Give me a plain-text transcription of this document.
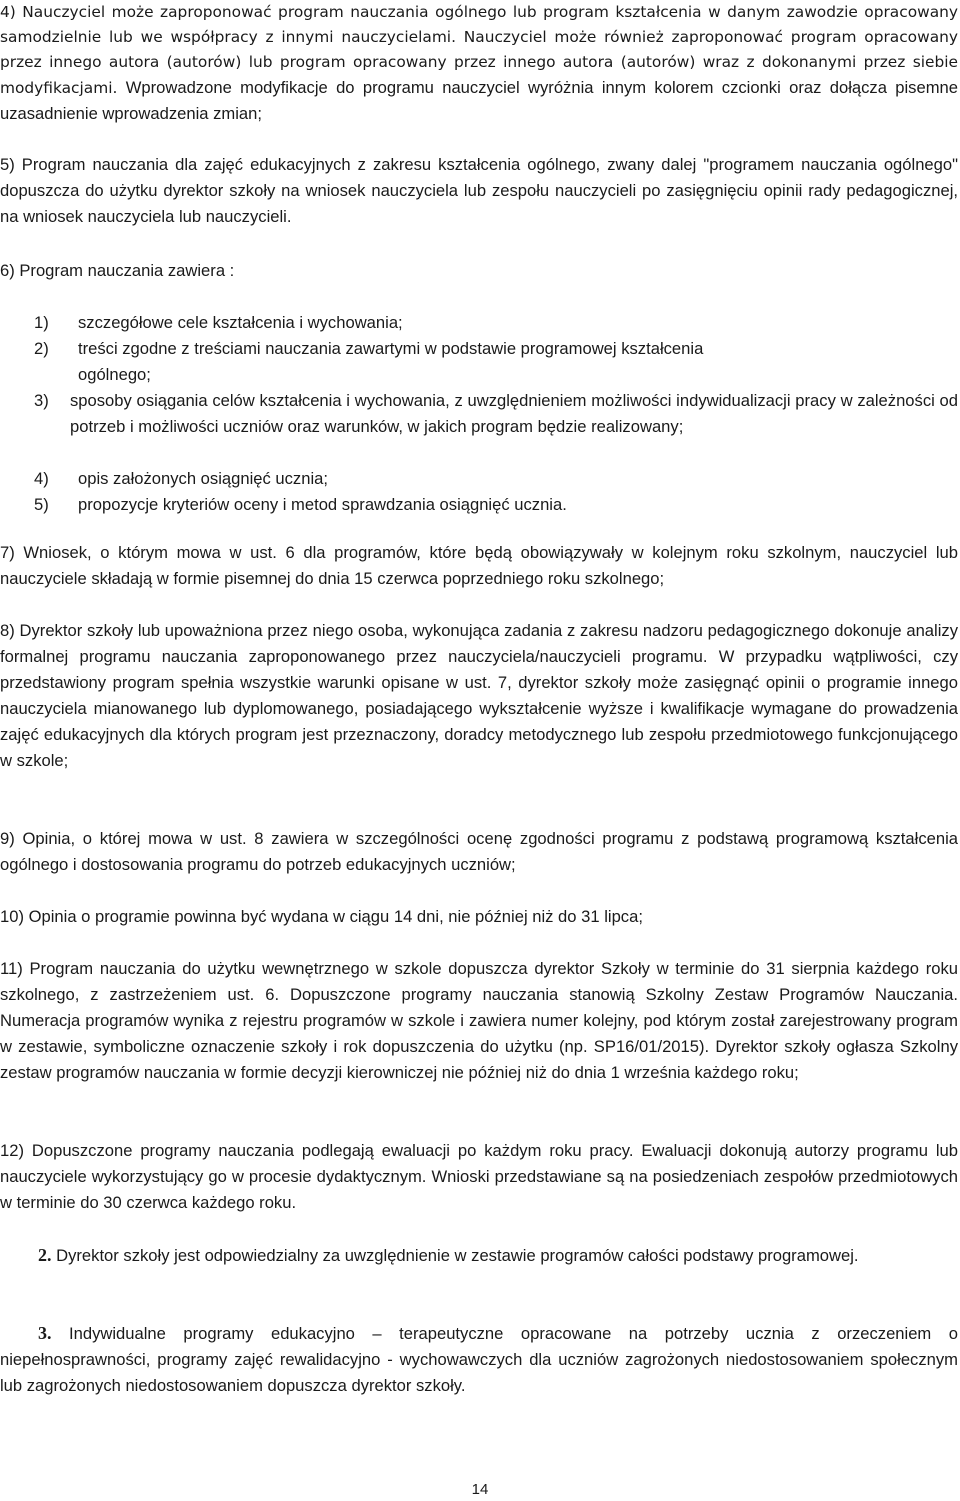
4) Nauczyciel może zaproponować program nauczania ogólnego lub program kształcenia w danym zawodzie opracowany samodzielnie lub we współpracy z innymi nauczycielami. Nauczyciel może również zaproponować program opracowany przez innego autora (autorów) lub program opracowany przez innego autora (autorów) wraz z dokonanymi przez siebie modyfikacjami. Wprowadzone modyfikacje do programu nauczyciel wyróżnia innym kolorem czcionki oraz dołącza pisemne uzasadnienie wprowadzenia zmian;

5) Program nauczania dla zajęć edukacyjnych z zakresu kształcenia ogólnego, zwany dalej "programem nauczania ogólnego" dopuszcza do użytku dyrektor szkoły na wniosek nauczyciela lub zespołu nauczycieli po zasięgnięciu opinii rady pedagogicznej, na wniosek nauczyciela lub nauczycieli.

6) Program nauczania zawiera :

1)	szczegółowe cele kształcenia i wychowania;
2)	treści zgodne z treściami nauczania zawartymi w podstawie programowej kształcenia ogólnego;
3)	sposoby osiągania celów kształcenia i wychowania, z uwzględnieniem możliwości indywidualizacji pracy w zależności od potrzeb i możliwości uczniów oraz warunków, w jakich program będzie realizowany;
4)	opis założonych osiągnięć ucznia;
5)	propozycje kryteriów oceny i metod sprawdzania osiągnięć ucznia.

7) Wniosek, o którym mowa w ust. 6 dla programów, które będą obowiązywały w kolejnym roku szkolnym, nauczyciel lub nauczyciele składają w formie pisemnej do dnia 15 czerwca poprzedniego roku szkolnego;

8) Dyrektor szkoły lub upoważniona przez niego osoba, wykonująca zadania z zakresu nadzoru pedagogicznego dokonuje analizy formalnej programu nauczania zaproponowanego przez nauczyciela/nauczycieli programu. W przypadku wątpliwości, czy przedstawiony program spełnia wszystkie warunki opisane w ust. 7, dyrektor szkoły może zasięgnąć opinii o programie innego nauczyciela mianowanego lub dyplomowanego, posiadającego wykształcenie wyższe i kwalifikacje wymagane do prowadzenia zajęć edukacyjnych dla których program jest przeznaczony, doradcy metodycznego lub zespołu przedmiotowego funkcjonującego w szkole;

9) Opinia, o której mowa w ust. 8 zawiera w szczególności ocenę zgodności programu z podstawą programową kształcenia ogólnego i dostosowania programu do potrzeb edukacyjnych uczniów;

10) Opinia o programie powinna być wydana w ciągu 14 dni, nie później niż do 31 lipca;

11) Program nauczania do użytku wewnętrznego w szkole dopuszcza dyrektor Szkoły w terminie do 31 sierpnia każdego roku szkolnego, z zastrzeżeniem ust. 6. Dopuszczone programy nauczania stanowią Szkolny Zestaw Programów Nauczania. Numeracja programów wynika z rejestru programów w szkole i zawiera numer kolejny, pod którym został zarejestrowany program w zestawie, symboliczne oznaczenie szkoły i rok dopuszczenia do użytku (np. SP16/01/2015). Dyrektor szkoły ogłasza Szkolny zestaw programów nauczania w formie decyzji kierowniczej nie później niż do dnia 1 września każdego roku;

12) Dopuszczone programy nauczania podlegają ewaluacji po każdym roku pracy. Ewaluacji dokonują autorzy programu lub nauczyciele wykorzystujący go w procesie dydaktycznym. Wnioski przedstawiane są na posiedzeniach zespołów przedmiotowych w terminie do 30 czerwca każdego roku.

2. Dyrektor szkoły jest odpowiedzialny za uwzględnienie w zestawie programów całości podstawy programowej.

3. Indywidualne programy edukacyjno – terapeutyczne opracowane na potrzeby ucznia z orzeczeniem o niepełnosprawności, programy zajęć rewalidacyjno - wychowawczych dla uczniów zagrożonych niedostosowaniem społecznym lub zagrożonych niedostosowaniem dopuszcza dyrektor szkoły.

14
